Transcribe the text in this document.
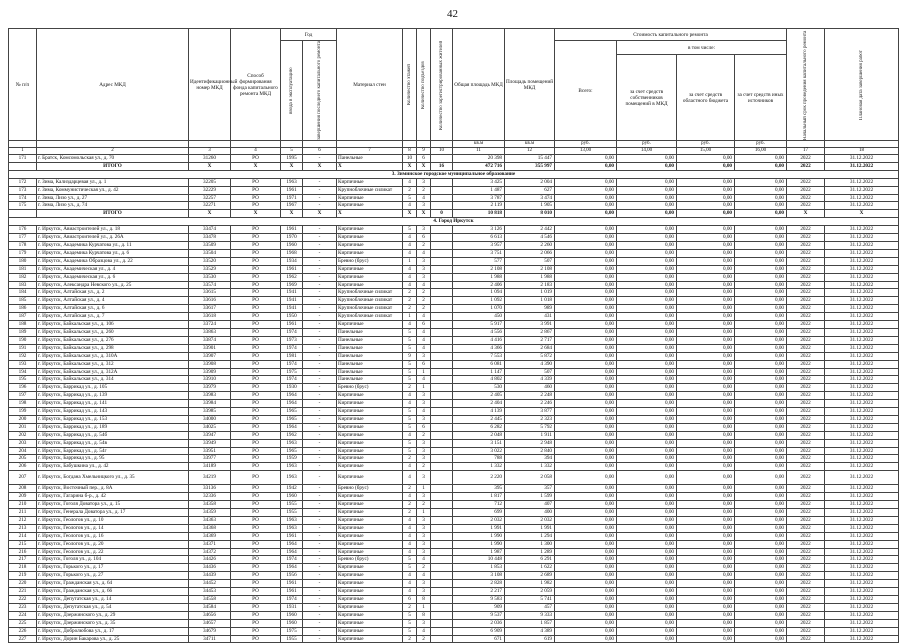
42
№ п/п	Адрес МКД	Идентификационный номер МКД	Способ формирования фонда капитального ремонта МКД	Год		Материал стен	Количество этажей	Количество подъездов	Количество зарегистрированных жителей	Общая площадь МКД	Площадь помещений МКД	Стоимость капитального ремонта				Начальный срок проведения капитального ремонта	Плановая дата завершения работ
				ввода в эксплуатацию	завершения последнего капитального ремонта							Всего:	в том числе:				
													за счет средств собственников помещений в МКД	за счет средств областного бюджета	за счет средств иных источников		
										кв.м	кв.м	руб.	руб.	руб.	руб.		
1	2	3	4	5	6	7	8	9	10	11	12	13,00	14,00	15,00	16,00	17	18
171	г. Братск, Комсомольская ул., д. 70	31260	РО	1995	-	Панельные	10	6		20 398	15 447	0,00	0,00	0,00	0,00	2022	31.12.2022
	ИТОГО	X	X	X	X	X	X	X	16	472 716	355 997	0,00	0,00	0,00	0,00	2022	31.12.2022
3. Зиминское городское муниципальное образование																	
172	г. Зима, Кализдарцевая ул., д. 1	32205	РО	1963	-	Кирпичные	4	3		3 425	2 004	0,00	0,00	0,00	0,00	2022	31.12.2022
173	г. Зима, Коммунистическая ул., д. 42	32229	РО	1961	-	Крупноблочные силикат	2	2		1 487	627	0,00	0,00	0,00	0,00	2022	31.12.2022
174	г. Зима, Лизо ул., д. 27	32257	РО	1971	-	Кирпичные	5	4		3 787	3 474	0,00	0,00	0,00	0,00	2022	31.12.2022
175	г. Зима, Лизо ул., д. 74	32271	РО	1967	-	Кирпичные	4	3		2 119	1 905	0,00	0,00	0,00	0,00	2022	31.12.2022
	ИТОГО	X	X	X	X	X	X	X	0	10 818	8 010	0,00	0,00	0,00	0,00	X	X
4. Город Иркутск																	
176	г. Иркутск, Авиастроителей ул., д. 18	33474	РО	1961	-	Кирпичные	5	3		3 126	2 442	0,00	0,00	0,00	0,00	2022	31.12.2022
177	г. Иркутск, Авиастроителей ул., д. 26А	33478	РО	1970	-	Кирпичные	4	6		6 613	4 546	0,00	0,00	0,00	0,00	2022	31.12.2022
178	г. Иркутск, Академика Курчатова ул., д. 11	33509	РО	1960	-	Кирпичные	4	2		3 957	2 260	0,00	0,00	0,00	0,00	2022	31.12.2022
179	г. Иркутск, Академика Курчатова ул., д. 6	33504	РО	1968	-	Кирпичные	4	4		3 751	2 066	0,00	0,00	0,00	0,00	2022	31.12.2022
180	г. Иркутск, Академика Образцова ул., д. 22	33520	РО	1934	-	Бревно (брус)	1	3		577	507	0,00	0,00	0,00	0,00	2022	31.12.2022
181	г. Иркутск, Академическая ул., д. 4	33529	РО	1961	-	Кирпичные	4	3		2 108	2 108	0,00	0,00	0,00	0,00	2022	31.12.2022
182	г. Иркутск, Академическая ул., д. 6	33530	РО	1962	-	Кирпичные	4	3		1 988	1 988	0,00	0,00	0,00	0,00	2022	31.12.2022
183	г. Иркутск, Александра Невского ул., д. 25	33574	РО	1969	-	Кирпичные	4	4		2 406	2 183	0,00	0,00	0,00	0,00	2022	31.12.2022
184	г. Иркутск, Алтайская ул., д. 2	33615	РО	1941	-	Крупноблочные силикат	2	2		1 094	1 019	0,00	0,00	0,00	0,00	2022	31.12.2022
185	г. Иркутск, Алтайская ул., д. 4	33616	РО	1941	-	Крупноблочные силикат	2	2		1 092	1 018	0,00	0,00	0,00	0,00	2022	31.12.2022
186	г. Иркутск, Алтайская ул., д. 6	33617	РО	1941	-	Крупноблочные силикат	2	2		1 070	989	0,00	0,00	0,00	0,00	2022	31.12.2022
187	г. Иркутск, Алтайская ул., д. 7	33618	РО	1950	-	Крупноблочные силикат	1	4		450	431	0,00	0,00	0,00	0,00	2022	31.12.2022
188	г. Иркутск, Байкальская ул., д. 106	33724	РО	1961	-	Кирпичные	4	6		5 917	3 991	0,00	0,00	0,00	0,00	2022	31.12.2022
189	г. Иркутск, Байкальская ул., д. 260	33863	РО	1974	-	Панельные	5	4		4 556	2 867	0,00	0,00	0,00	0,00	2022	31.12.2022
190	г. Иркутск, Байкальская ул., д. 276	33874	РО	1973	-	Панельные	5	4		4 416	2 717	0,00	0,00	0,00	0,00	2022	31.12.2022
191	г. Иркутск, Байкальская ул., д. 298	33901	РО	1974	-	Панельные	5	4		4 366	2 684	0,00	0,00	0,00	0,00	2022	31.12.2022
192	г. Иркутск, Байкальская ул., д. 310А	33907	РО	1981	-	Панельные	9	3		7 553	5 872	0,00	0,00	0,00	0,00	2022	31.12.2022
193	г. Иркутск, Байкальская ул., д. 312	33908	РО	1974	-	Панельные	5	6		6 081	4 390	0,00	0,00	0,00	0,00	2022	31.12.2022
194	г. Иркутск, Байкальская ул., д. 312А	33909	РО	1975	-	Панельные	5	1		1 147	507	0,00	0,00	0,00	0,00	2022	31.12.2022
195	г. Иркутск, Байкальская ул., д. 314	33910	РО	1974	-	Панельные	5	4		4 802	4 339	0,00	0,00	0,00	0,00	2022	31.12.2022
196	г. Иркутск, Баррикад ул., д. 105	33979	РО	1930	-	Бревно (брус)	2	1		530	460	0,00	0,00	0,00	0,00	2022	31.12.2022
197	г. Иркутск, Баррикад ул., д. 139	33983	РО	1964	-	Кирпичные	4	3		2 405	2 248	0,00	0,00	0,00	0,00	2022	31.12.2022
198	г. Иркутск, Баррикад ул., д. 141	33984	РО	1964	-	Кирпичные	4	3		2 404	2 246	0,00	0,00	0,00	0,00	2022	31.12.2022
199	г. Иркутск, Баррикад ул., д. 143	33985	РО	1965	-	Кирпичные	5	4		4 139	3 877	0,00	0,00	0,00	0,00	2022	31.12.2022
200	г. Иркутск, Баррикад ул., д. 153	34000	РО	1965	-	Кирпичные	5	3		2 445	2 323	0,00	0,00	0,00	0,00	2022	31.12.2022
201	г. Иркутск, Баррикад ул., д. 189	34025	РО	1964	-	Кирпичные	5	6		6 282	5 792	0,00	0,00	0,00	0,00	2022	31.12.2022
202	г. Иркутск, Баррикад ул., д. 54б	33947	РО	1962	-	Кирпичные	4	2		2 048	1 911	0,00	0,00	0,00	0,00	2022	31.12.2022
203	г. Иркутск, Баррикад ул., д. 54в	33949	РО	1963	-	Кирпичные	5	3		3 151	2 948	0,00	0,00	0,00	0,00	2022	31.12.2022
204	г. Иркутск, Баррикад ул., д. 54г	33951	РО	1965	-	Кирпичные	5	3		3 022	2 840	0,00	0,00	0,00	0,00	2022	31.12.2022
205	г. Иркутск, Баррикад ул., д. 95	33977	РО	1959	-	Кирпичные	2	3		788	394	0,00	0,00	0,00	0,00	2022	31.12.2022
206	г. Иркутск, Бабушкина ул., д. 42	34189	РО	1963	-	Кирпичные	4	2		1 332	1 332	0,00	0,00	0,00	0,00	2022	31.12.2022
207	г. Иркутск, Богдана Хмельницкого ул., д. 35	34219	РО	1963	-	Кирпичные	4	3		2 220	2 058	0,00	0,00	0,00	0,00	2022	31.12.2022
208	г. Иркутск, Восточный пер., д. 8А	33136	РО	1942	-	Бревно (брус)	2	1		395	357	0,00	0,00	0,00	0,00	2022	31.12.2022
209	г. Иркутск, Гагарина б-р., д. 42	32336	РО	1960	-	Кирпичные	4	3		1 817	1 599	0,00	0,00	0,00	0,00	2022	31.12.2022
210	г. Иркутск, Гоголя Доватора ул., д. 15	34358	РО	1955	-	Кирпичные	2	2		712	407	0,00	0,00	0,00	0,00	2022	31.12.2022
211	г. Иркутск, Генерала Доватора ул., д. 17	34359	РО	1955	-	Кирпичные	2	1		699	400	0,00	0,00	0,00	0,00	2022	31.12.2022
212	г. Иркутск, Геологов ул., д. 10	34363	РО	1963	-	Кирпичные	4	3		2 032	2 032	0,00	0,00	0,00	0,00	2022	31.12.2022
213	г. Иркутск, Геологов ул., д. 14	34368	РО	1963	-	Кирпичные	4	3		1 991	1 991	0,00	0,00	0,00	0,00	2022	31.12.2022
214	г. Иркутск, Геологов ул., д. 16	34369	РО	1961	-	Кирпичные	4	3		1 990	1 294	0,00	0,00	0,00	0,00	2022	31.12.2022
215	г. Иркутск, Геологов ул., д. 20	34371	РО	1964	-	Кирпичные	4	3		1 990	1 300	0,00	0,00	0,00	0,00	2022	31.12.2022
216	г. Иркутск, Геологов ул., д. 22	34372	РО	1964	-	Кирпичные	4	3		1 987	1 289	0,00	0,00	0,00	0,00	2022	31.12.2022
217	г. Иркутск, Гоголя ул., д. 104	34426	РО	1974	-	Бревно (брус)	5	4		10 448	6 291	0,00	0,00	0,00	0,00	2022	31.12.2022
218	г. Иркутск, Горького ул., д. 17	34436	РО	1964	-	Кирпичные	5	2		1 853	1 622	0,00	0,00	0,00	0,00	2022	31.12.2022
219	г. Иркутск, Горького ул., д. 27	34439	РО	1956	-	Кирпичные	4	4		3 108	2 689	0,00	0,00	0,00	0,00	2022	31.12.2022
220	г. Иркутск, Гражданская ул., д. 64	34452	РО	1961	-	Кирпичные	4	3		2 828	1 982	0,00	0,00	0,00	0,00	2022	31.12.2022
221	г. Иркутск, Гражданская ул., д. 66	34453	РО	1961	-	Кирпичные	4	3		2 217	2 059	0,00	0,00	0,00	0,00	2022	31.12.2022
222	г. Иркутск, Депутатская ул., д. 14	34558	РО	1974	-	Кирпичные	6	8		9 583	5 741	0,00	0,00	0,00	0,00	2022	31.12.2022
223	г. Иркутск, Депутатская ул., д. 54	34584	РО	1931	-	Кирпичные	2	1		909	457	0,00	0,00	0,00	0,00	2022	31.12.2022
224	г. Иркутск, Дзержинского ул., д. 29	34656	РО	1960	-	Кирпичные	5	8		9 537	9 333	0,00	0,00	0,00	0,00	2022	31.12.2022
225	г. Иркутск, Дзержинского ул., д. 35	34657	РО	1960	-	Кирпичные	5	3		2 036	1 857	0,00	0,00	0,00	0,00	2022	31.12.2022
226	г. Иркутск, Добролюбова ул., д. 17	34679	РО	1975	-	Кирпичные	5	4		6 909	4 389	0,00	0,00	0,00	0,00	2022	31.12.2022
227	г. Иркутск, Дорин Бакарова ул., д. 25	34711	РО	1955	-	Кирпичные	2	2		671	619	0,00	0,00	0,00	0,00	2022	31.12.2022
